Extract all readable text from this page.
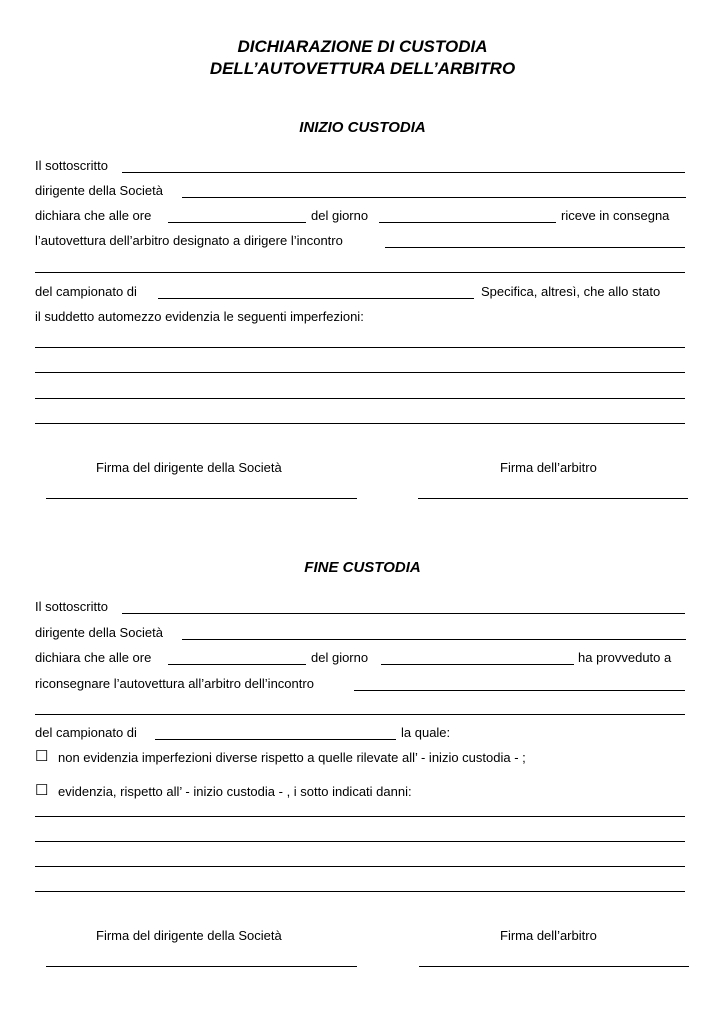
DICHIARAZIONE DI CUSTODIA
DELL’AUTOVETTURA DELL’ARBITRO
INIZIO CUSTODIA
Il sottoscritto
dirigente della Società
dichiara che alle ore	del giorno	riceve in consegna
l’autovettura dell’arbitro designato a dirigere l’incontro
del campionato di	Specifica, altresì, che allo stato
il suddetto automezzo evidenzia le seguenti imperfezioni:
Firma del dirigente della Società	Firma dell’arbitro
FINE CUSTODIA
Il sottoscritto
dirigente della Società
dichiara che alle ore	del giorno	ha provveduto a
riconsegnare l’autovettura all’arbitro dell’incontro
del campionato di	la quale:
☐ non evidenzia imperfezioni diverse rispetto a quelle rilevate all’ - inizio custodia - ;
☐ evidenzia, rispetto all’ - inizio custodia - , i sotto indicati danni:
Firma del dirigente della Società	Firma dell’arbitro
